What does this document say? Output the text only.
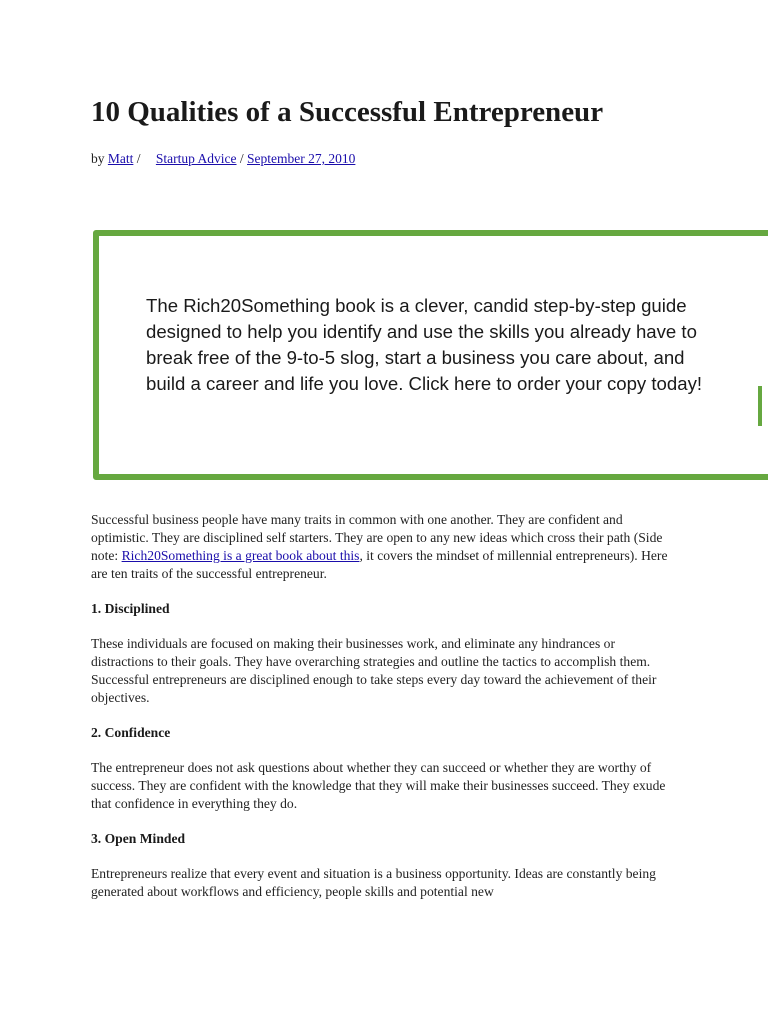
10 Qualities of a Successful Entrepreneur
by Matt / Startup Advice / September 27, 2010

The Rich20Something book is a clever, candid step-by-step guide designed to help you identify and use the skills you already have to break free of the 9-to-5 slog, start a business you care about, and build a career and life you love. Click here to order your copy today!

Successful business people have many traits in common with one another. They are confident and optimistic. They are disciplined self starters. They are open to any new ideas which cross their path (Side note: Rich20Something is a great book about this, it covers the mindset of millennial entrepreneurs). Here are ten traits of the successful entrepreneur.

1. Disciplined

These individuals are focused on making their businesses work, and eliminate any hindrances or distractions to their goals. They have overarching strategies and outline the tactics to accomplish them. Successful entrepreneurs are disciplined enough to take steps every day toward the achievement of their objectives.

2. Confidence

The entrepreneur does not ask questions about whether they can succeed or whether they are worthy of success. They are confident with the knowledge that they will make their businesses succeed. They exude that confidence in everything they do.

3. Open Minded

Entrepreneurs realize that every event and situation is a business opportunity. Ideas are constantly being generated about workflows and efficiency, people skills and potential new
